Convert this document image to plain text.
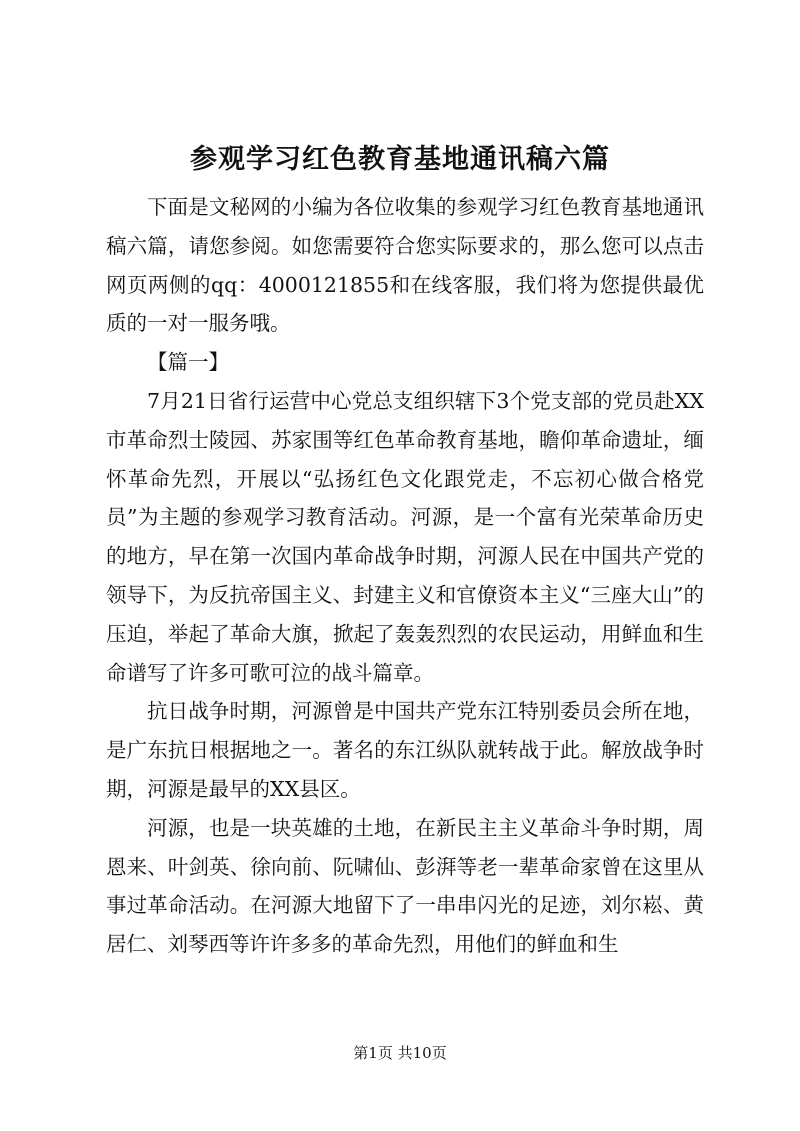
参观学习红色教育基地通讯稿六篇

下面是文秘网的小编为各位收集的参观学习红色教育基地通讯稿六篇，请您参阅。如您需要符合您实际要求的，那么您可以点击网页两侧的qq：4000121855和在线客服，我们将为您提供最优质的一对一服务哦。

【篇一】

7月21日省行运营中心党总支组织辖下3个党支部的党员赴XX市革命烈士陵园、苏家围等红色革命教育基地，瞻仰革命遗址，缅怀革命先烈，开展以“弘扬红色文化跟党走，不忘初心做合格党员”为主题的参观学习教育活动。河源，是一个富有光荣革命历史的地方，早在第一次国内革命战争时期，河源人民在中国共产党的领导下，为反抗帝国主义、封建主义和官僚资本主义“三座大山”的压迫，举起了革命大旗，掀起了轰轰烈烈的农民运动，用鲜血和生命谱写了许多可歌可泣的战斗篇章。

抗日战争时期，河源曾是中国共产党东江特别委员会所在地，是广东抗日根据地之一。著名的东江纵队就转战于此。解放战争时期，河源是最早的XX县区。

河源，也是一块英雄的土地，在新民主主义革命斗争时期，周恩来、叶剑英、徐向前、阮啸仙、彭湃等老一辈革命家曾在这里从事过革命活动。在河源大地留下了一串串闪光的足迹，刘尔崧、黄居仁、刘琴西等许许多多的革命先烈，用他们的鲜血和生

第1页 共10页
